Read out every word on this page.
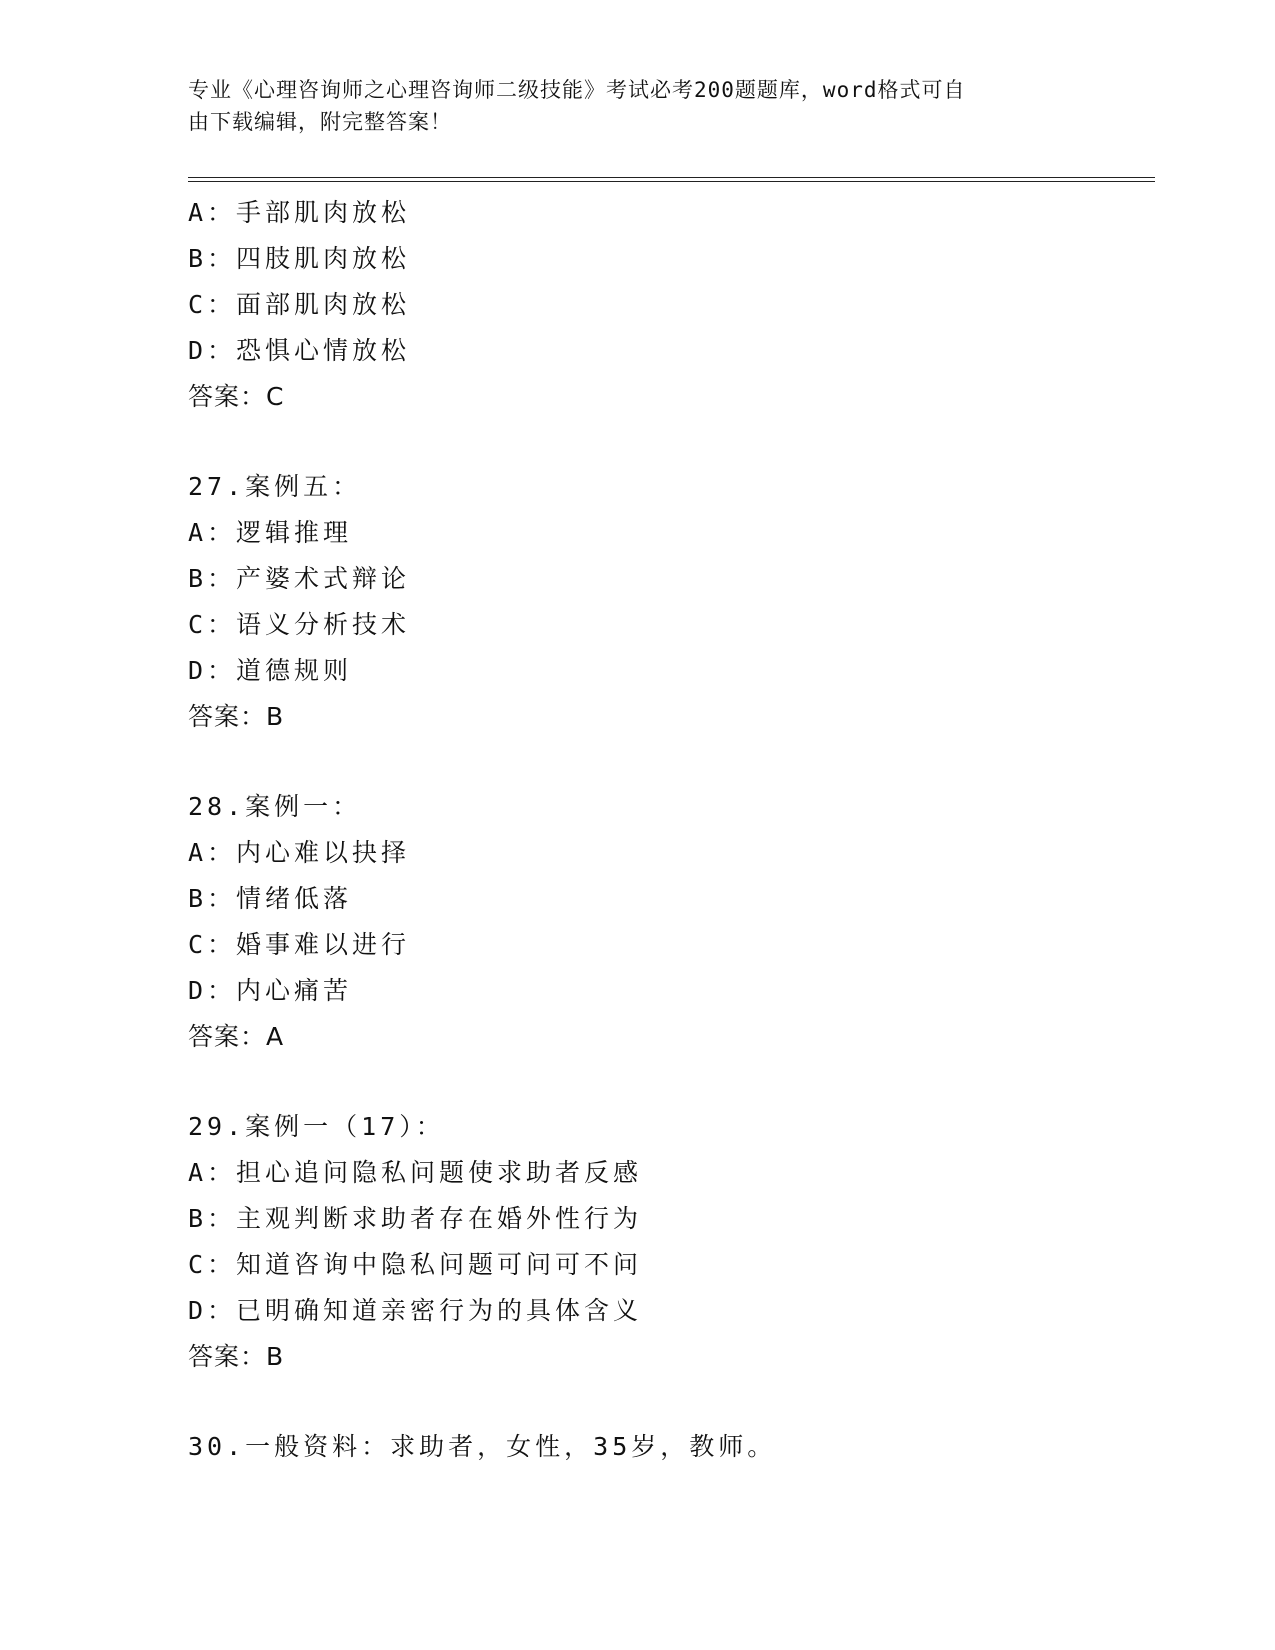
专业《心理咨询师之心理咨询师二级技能》考试必考200题题库，word格式可自
由下载编辑，附完整答案！
A：手部肌肉放松
B：四肢肌肉放松
C：面部肌肉放松
D：恐惧心情放松
答案：C
27.案例五：
A：逻辑推理
B：产婆术式辩论
C：语义分析技术
D：道德规则
答案：B
28.案例一：
A：内心难以抉择
B：情绪低落
C：婚事难以进行
D：内心痛苦
答案：A
29.案例一（17）：
A：担心追问隐私问题使求助者反感
B：主观判断求助者存在婚外性行为
C：知道咨询中隐私问题可问可不问
D：已明确知道亲密行为的具体含义
答案：B
30.一般资料：求助者，女性，35岁，教师。
